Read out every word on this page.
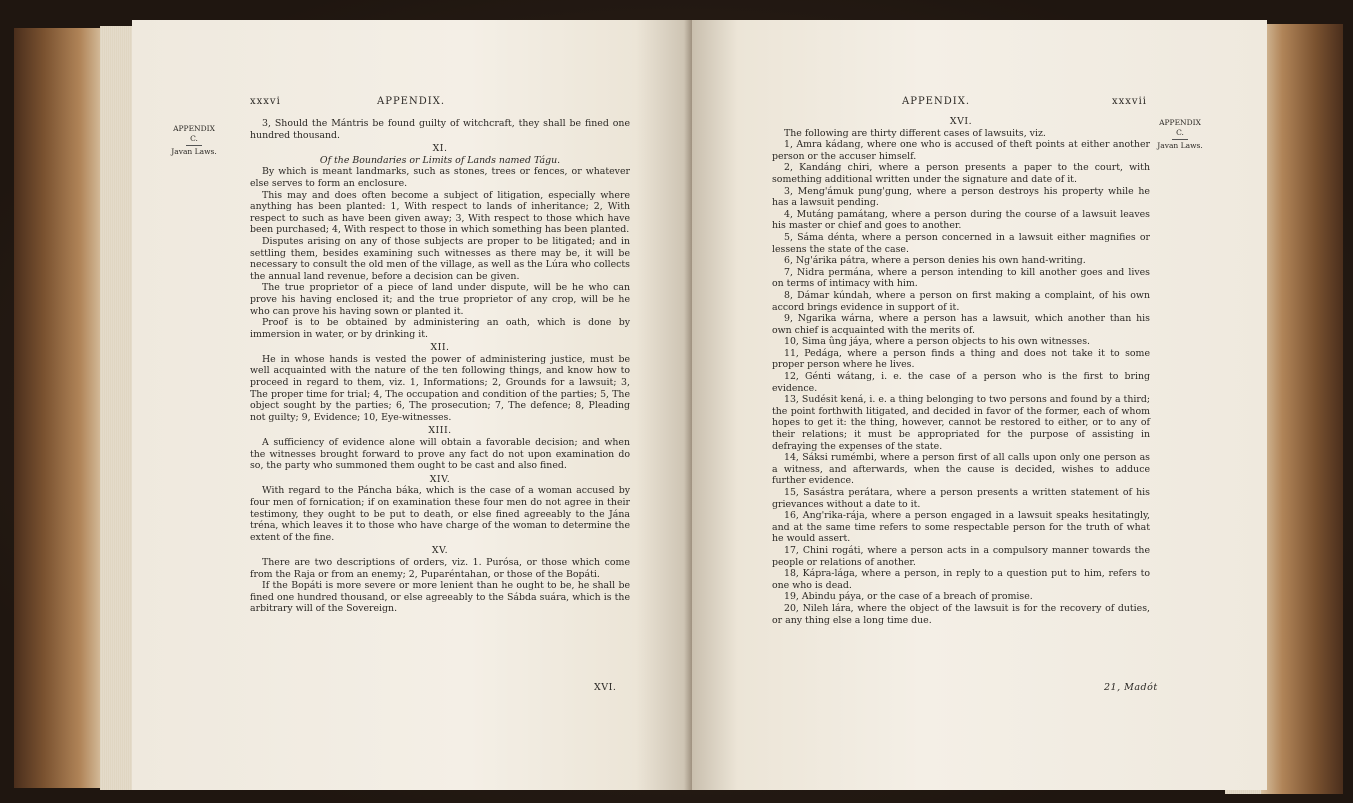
xxxvi	APPENDIX.
APPENDIX
C.
Javan Laws.

3, Should the Mántris be found guilty of witchcraft, they shall be fined one hundred thousand.

XI.

Of the Boundaries or Limits of Lands named Tágu.

By which is meant landmarks, such as stones, trees or fences, or whatever else serves to form an enclosure.

This may and does often become a subject of litigation, especially where anything has been planted: 1, With respect to lands of inheritance; 2, With respect to such as have been given away; 3, With respect to those which have been purchased; 4, With respect to those in which something has been planted.

Disputes arising on any of those subjects are proper to be litigated; and in settling them, besides examining such witnesses as there may be, it will be necessary to consult the old men of the village, as well as the Lúra who collects the annual land revenue, before a decision can be given.

The true proprietor of a piece of land under dispute, will be he who can prove his having enclosed it; and the true proprietor of any crop, will be he who can prove his having sown or planted it.

Proof is to be obtained by administering an oath, which is done by immersion in water, or by drinking it.

XII.

He in whose hands is vested the power of administering justice, must be well acquainted with the nature of the ten following things, and know how to proceed in regard to them, viz. 1, Informations; 2, Grounds for a lawsuit; 3, The proper time for trial; 4, The occupation and condition of the parties; 5, The object sought by the parties; 6, The prosecution; 7, The defence; 8, Pleading not guilty; 9, Evidence; 10, Eye-witnesses.

XIII.

A sufficiency of evidence alone will obtain a favorable decision; and when the witnesses brought forward to prove any fact do not upon examination do so, the party who summoned them ought to be cast and also fined.

XIV.

With regard to the Páncha báka, which is the case of a woman accused by four men of fornication; if on examination these four men do not agree in their testimony, they ought to be put to death, or else fined agreeably to the Jána tréna, which leaves it to those who have charge of the woman to determine the extent of the fine.

XV.

There are two descriptions of orders, viz. 1. Purósa, or those which come from the Raja or from an enemy; 2, Puparéntahan, or those of the Bopáti.

If the Bopáti is more severe or more lenient than he ought to be, he shall be fined one hundred thousand, or else agreeably to the Sábda suára, which is the arbitrary will of the Sovereign.

XVI.
APPENDIX.	xxxvii
APPENDIX
C.
Javan Laws.

XVI.

The following are thirty different cases of lawsuits, viz.

1, Amra kádang, where one who is accused of theft points at either another person or the accuser himself.

2, Kandáng chiri, where a person presents a paper to the court, with something additional written under the signature and date of it.

3, Meng'ámuk pung'gung, where a person destroys his property while he has a lawsuit pending.

4, Mutáng památang, where a person during the course of a lawsuit leaves his master or chief and goes to another.

5, Sáma dénta, where a person concerned in a lawsuit either magnifies or lessens the state of the case.

6, Ng'árika pátra, where a person denies his own hand-writing.

7, Nidra permána, where a person intending to kill another goes and lives on terms of intimacy with him.

8, Dámar kúndah, where a person on first making a complaint, of his own accord brings evidence in support of it.

9, Ngarika wárna, where a person has a lawsuit, which another than his own chief is acquainted with the merits of.

10, Sima ûng jáya, where a person objects to his own witnesses.

11, Pedága, where a person finds a thing and does not take it to some proper person where he lives.

12, Génti wátang, i. e. the case of a person who is the first to bring evidence.

13, Sudésit kená, i. e. a thing belonging to two persons and found by a third; the point forthwith litigated, and decided in favor of the former, each of whom hopes to get it: the thing, however, cannot be restored to either, or to any of their relations; it must be appropriated for the purpose of assisting in defraying the expenses of the state.

14, Sáksi rumémbi, where a person first of all calls upon only one person as a witness, and afterwards, when the cause is decided, wishes to adduce further evidence.

15, Sasástra perátara, where a person presents a written statement of his grievances without a date to it.

16, Ang'rika-rája, where a person engaged in a lawsuit speaks hesitatingly, and at the same time refers to some respectable person for the truth of what he would assert.

17, Chini rogáti, where a person acts in a compulsory manner towards the people or relations of another.

18, Kápra-lága, where a person, in reply to a question put to him, refers to one who is dead.

19, Abindu páya, or the case of a breach of promise.

20, Nileh lára, where the object of the lawsuit is for the recovery of duties, or any thing else a long time due.

21, Madót
